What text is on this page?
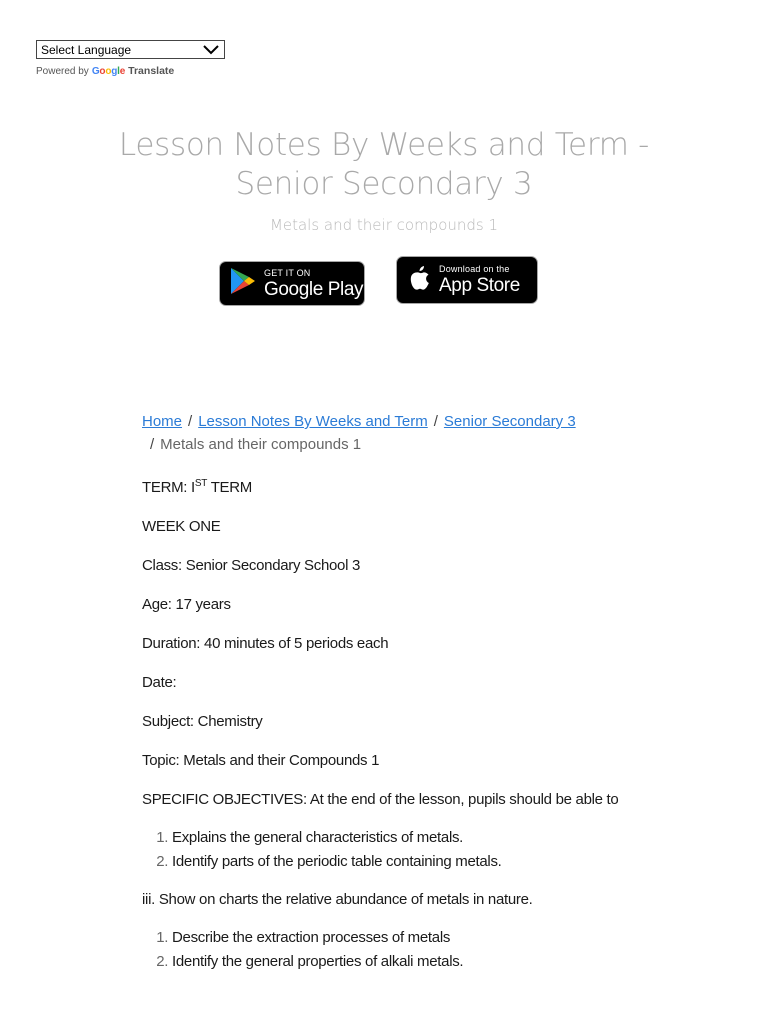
Select Language
Powered by Google Translate
Lesson Notes By Weeks and Term - Senior Secondary 3
Metals and their compounds 1
GET IT ON
Google Play
Download on the
App Store
Home / Lesson Notes By Weeks and Term / Senior Secondary 3
/ Metals and their compounds 1

TERM: IST TERM

WEEK ONE

Class: Senior Secondary School 3

Age: 17 years

Duration: 40 minutes of 5 periods each

Date:

Subject: Chemistry

Topic: Metals and their Compounds 1

SPECIFIC OBJECTIVES: At the end of the lesson, pupils should be able to

1. Explains the general characteristics of metals.
2. Identify parts of the periodic table containing metals.

iii. Show on charts the relative abundance of metals in nature.

1. Describe the extraction processes of metals
2. Identify the general properties of alkali metals.
